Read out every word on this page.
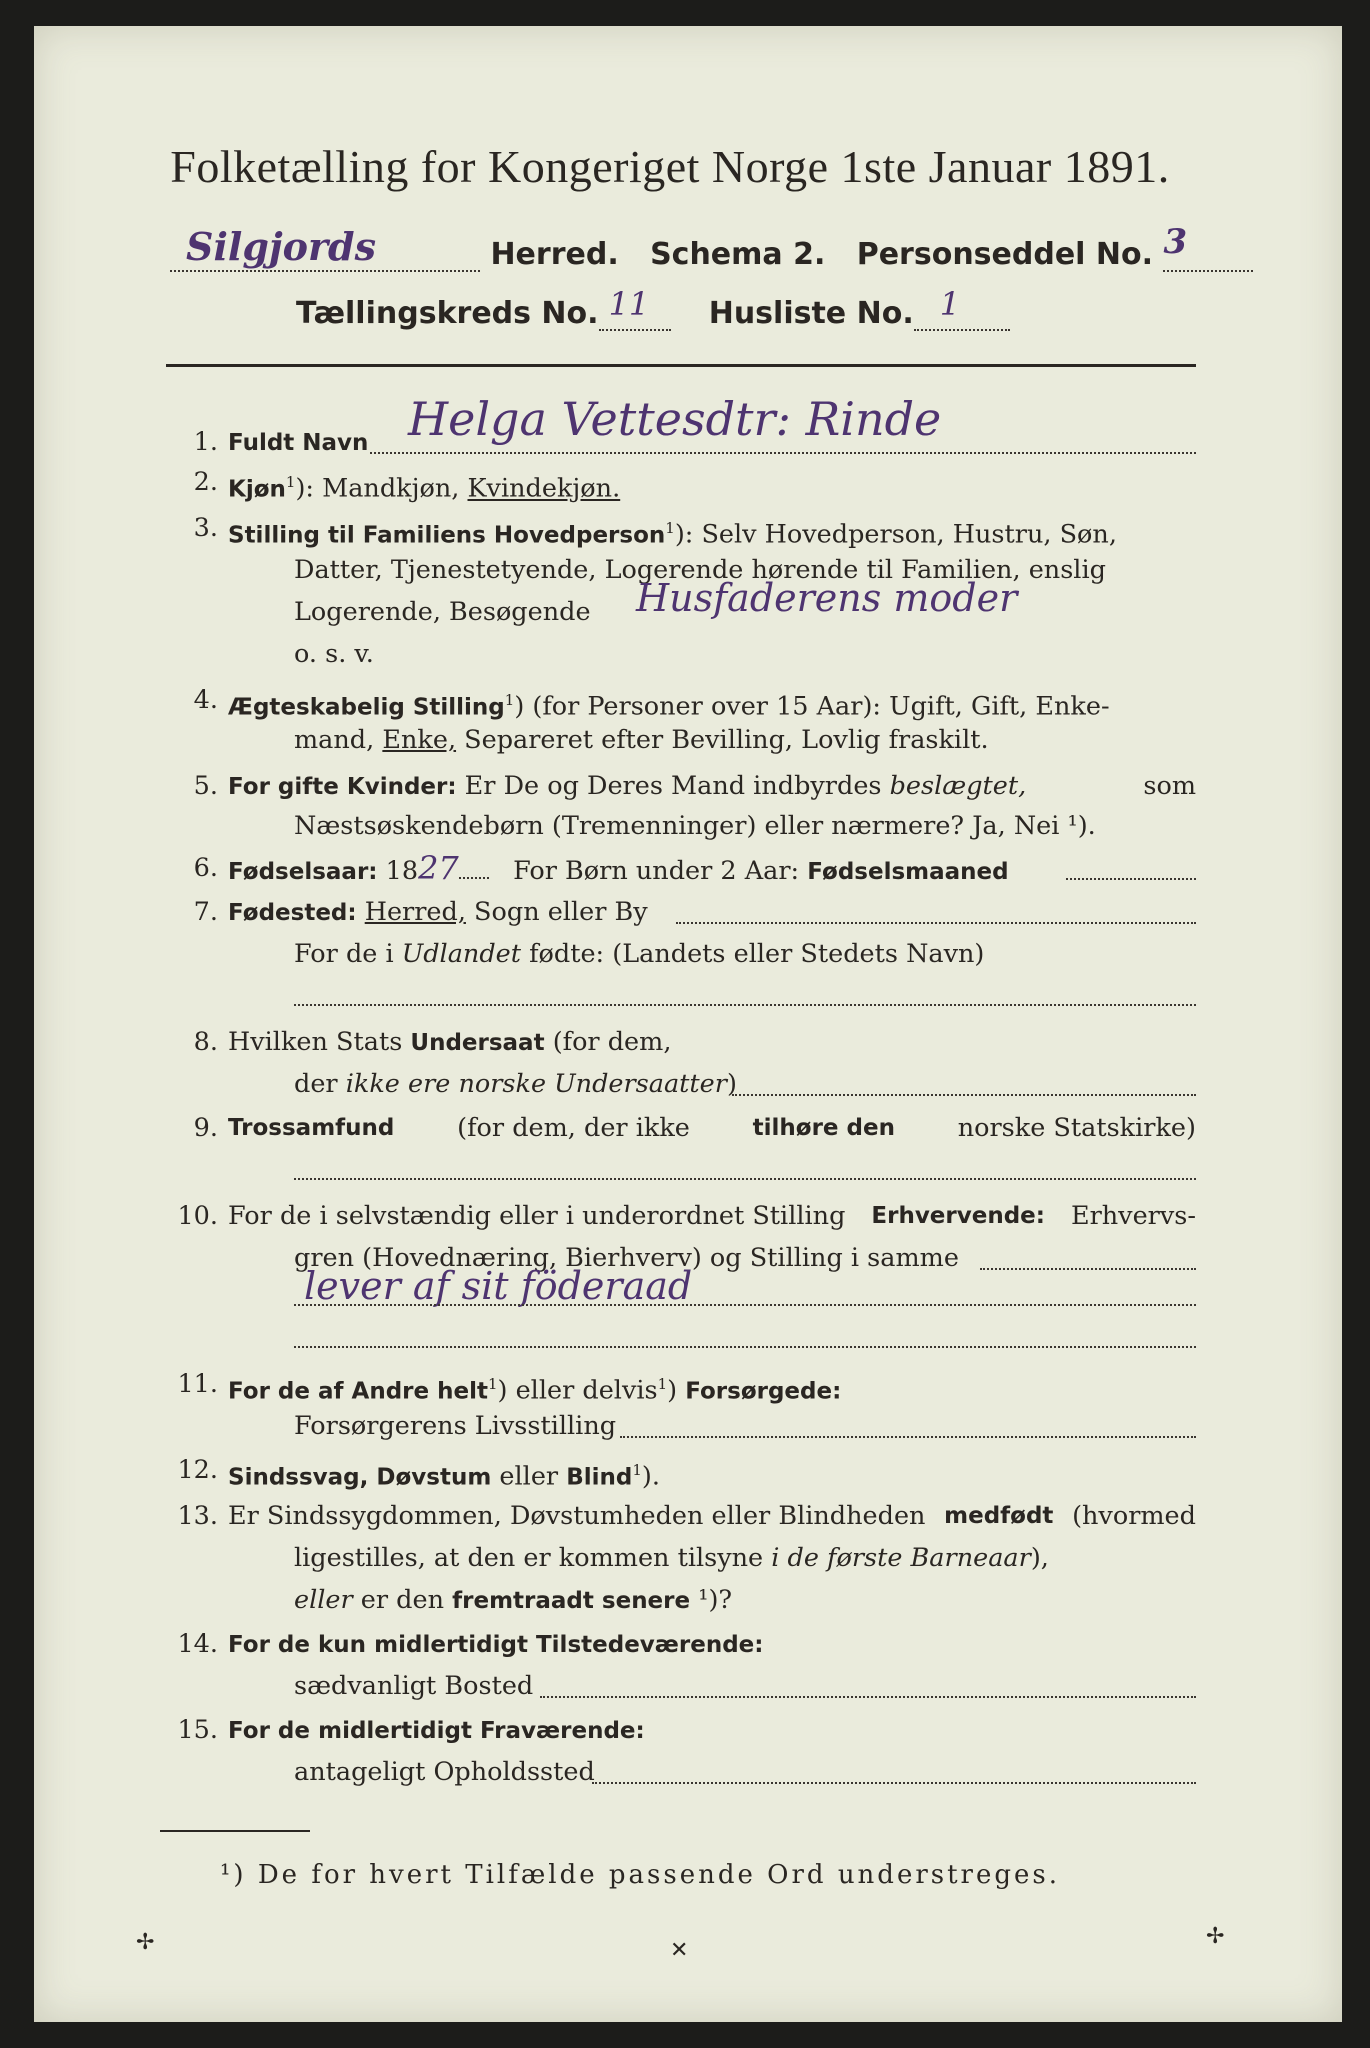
Folketælling for Kongeriget Norge 1ste Januar 1891.
Silgjords	Herred. Schema 2. Personseddel No. 3
Tællingskreds No. 11 Husliste No. 1
1. Fuldt Navn Helga Vettesdtr: Rinde
2. Kjøn$^1$): Mandkjøn, Kvindekjøn.
3. Stilling til Familiens Hovedperson$^1$): Selv Hovedperson, Hustru, Søn,
Datter, Tjenestetyende, Logerende hørende til Familien, enslig
Logerende, Besøgende	Husfaderens moder
o. s. v.
4. Ægteskabelig Stilling$^1$) (for Personer over 15 Aar): Ugift, Gift, Enke-
mand, Enke, Separeret efter Bevilling, Lovlig fraskilt.
5. For gifte Kvinder: Er De og Deres Mand indbyrdes beslægtet,	som
Næstsøskendebørn (Tremenninger) eller nærmere? Ja, Nei ¹).
6. Fødselsaar: 1827 For Børn under 2 Aar: Fødselsmaaned
7. Fødested: Herred, Sogn eller By
For de i Udlandet fødte: (Landets eller Stedets Navn)
8. Hvilken Stats Undersaat (for dem,
der ikke ere norske Undersaatter)
9. Trossamfund (for dem, der ikke	tilhøre den norske Statskirke)
10. For de i selvstændig eller i underordnet Stilling Erhvervende: Erhvervs-
gren (Hovednæring, Bierhverv) og Stilling i samme
lever af sit föderaad
11. For de af Andre helt$^1$) eller delvis$^1$) Forsørgede:
Forsørgerens Livsstilling
12. Sindssvag, Døvstum eller Blind$^1$).
13. Er Sindssygdommen, Døvstumheden eller Blindheden medfødt (hvormed
ligestilles, at den er kommen tilsyne i de første Barneaar),
eller er den fremtraadt senere ¹)?
14. For de kun midlertidigt Tilstedeværende:
sædvanligt Bosted
15. For de midlertidigt Fraværende:
antageligt Opholdssted
¹) De for hvert Tilfælde passende Ord understreges.
✢	✕
✢
